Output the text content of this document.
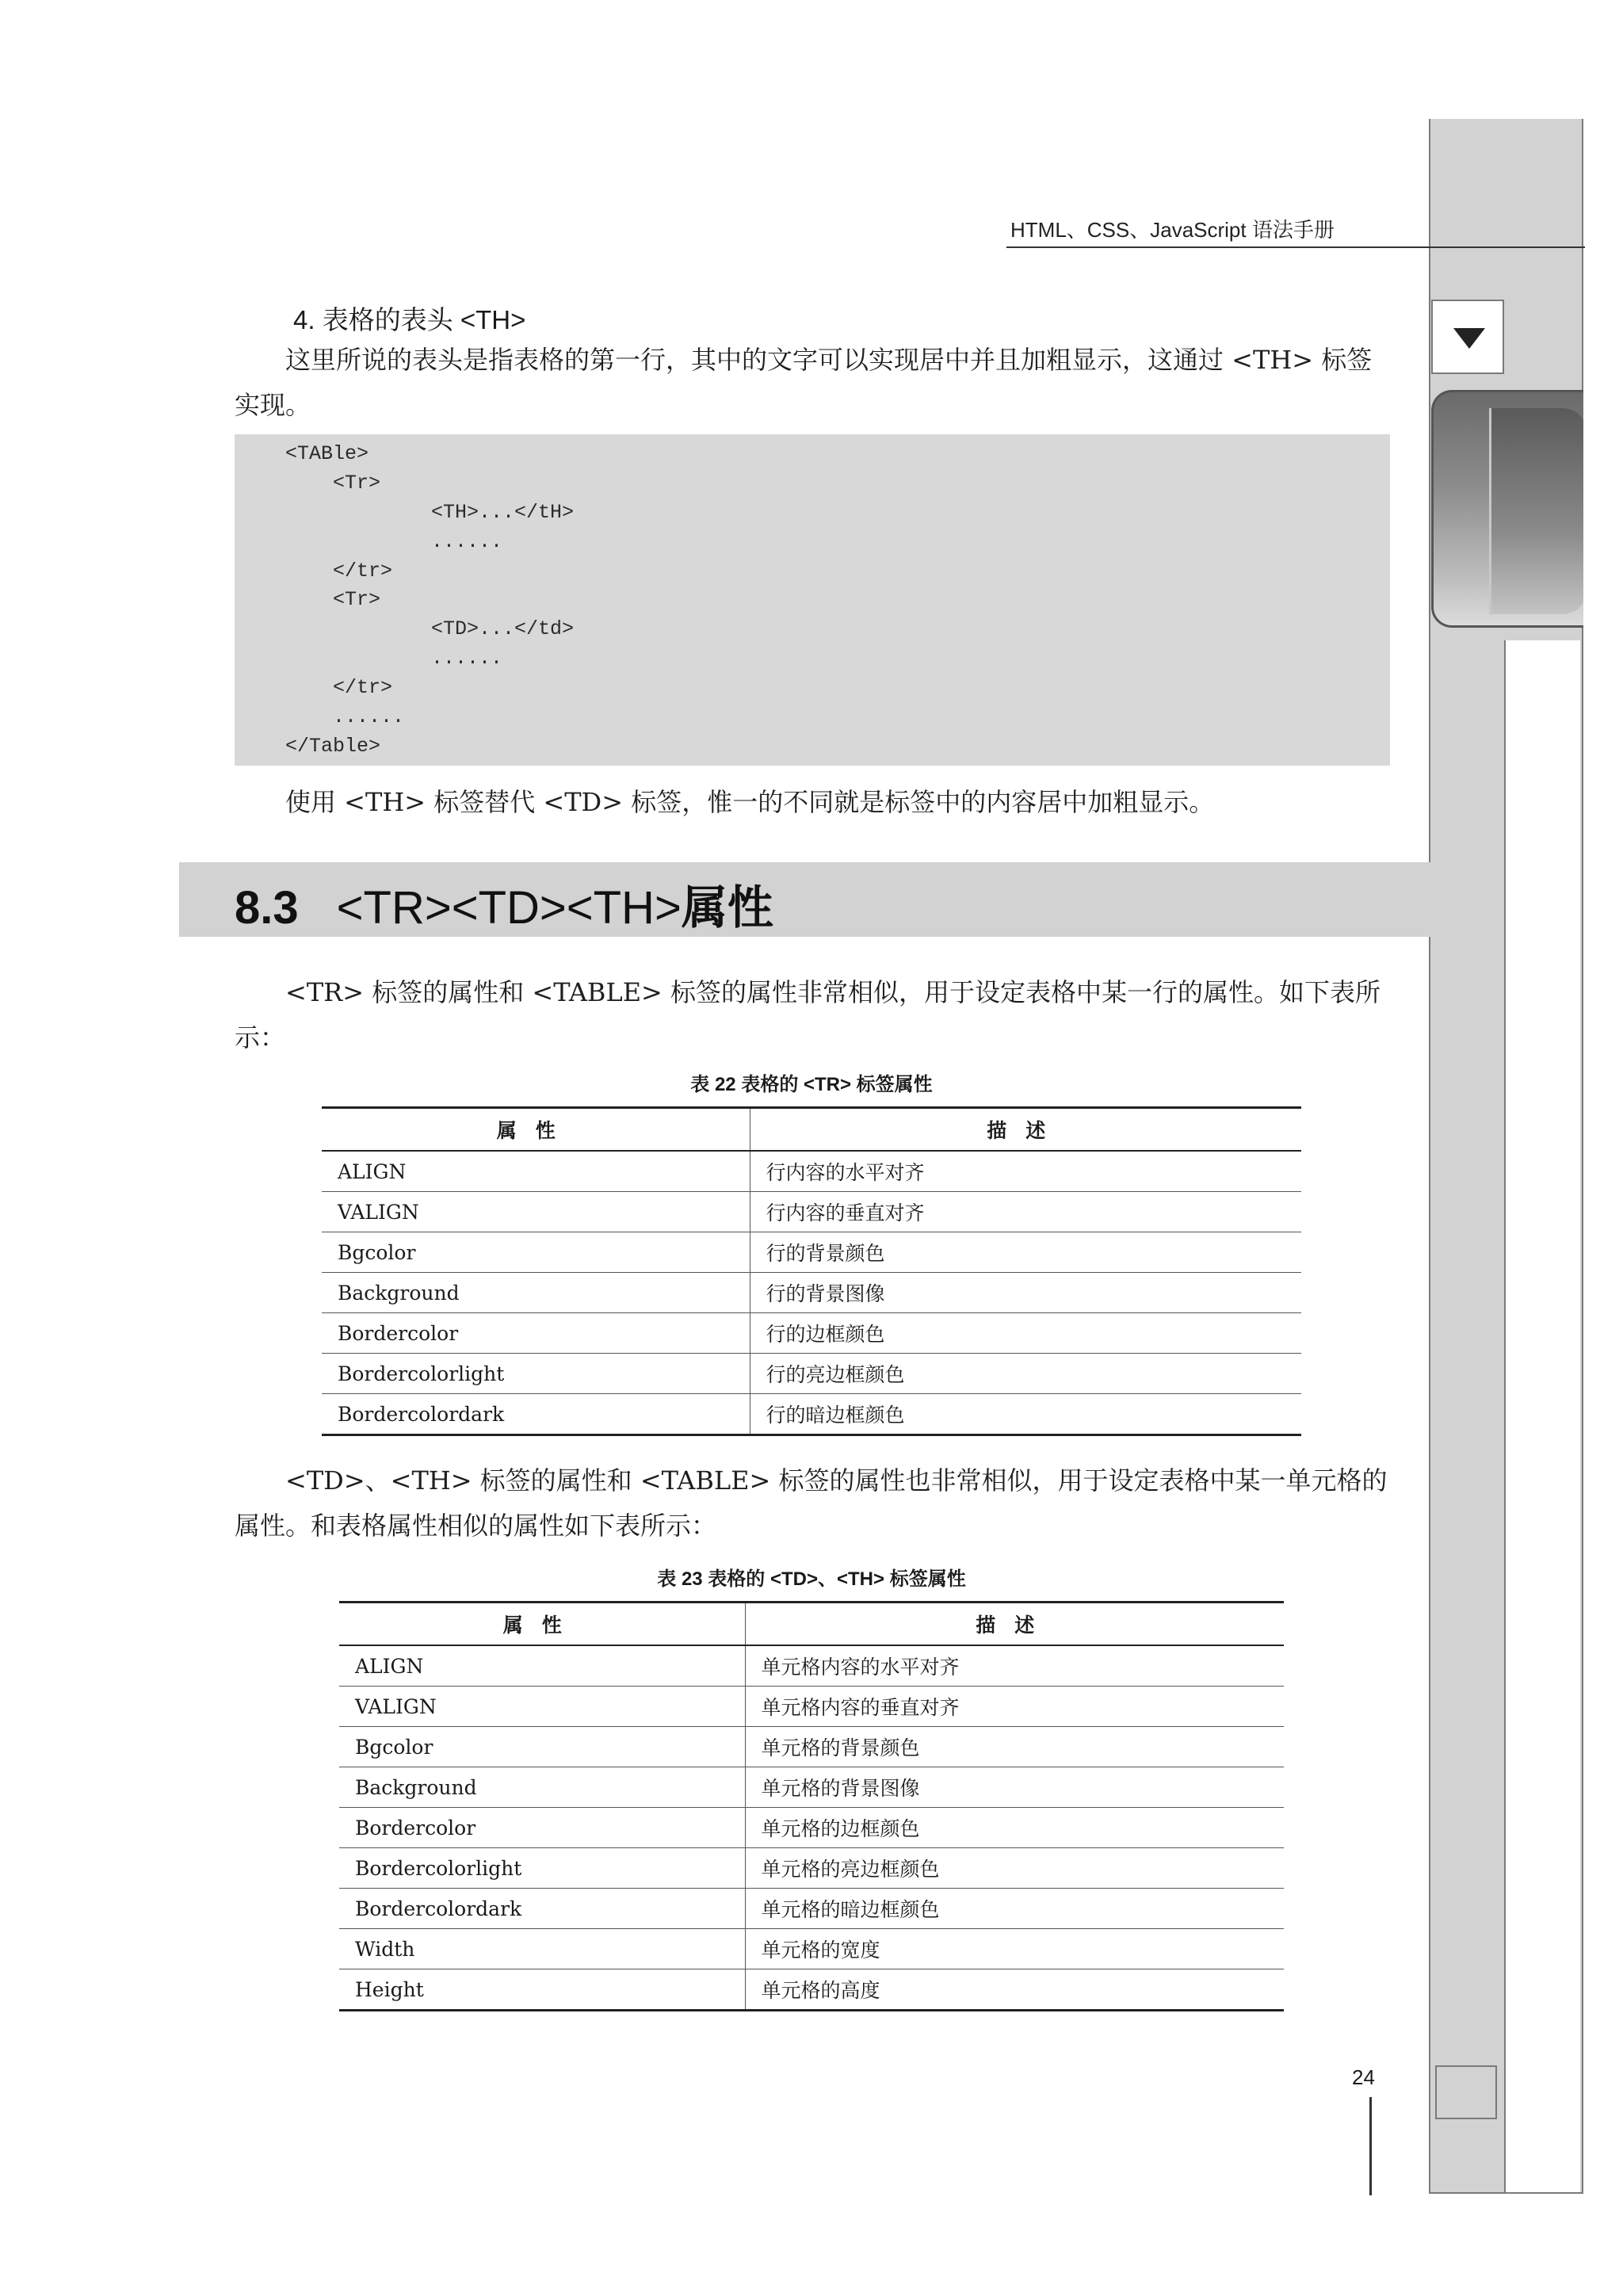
HTML、CSS、JavaScript 语法手册
4. 表格的表头 <TH>
这里所说的表头是指表格的第一行，其中的文字可以实现居中并且加粗显示，这通过 <TH> 标签实现。
<TABle>
<Tr>
<TH>...</tH>
......
</tr>
<Tr>
<TD>...</td>
......
</tr>
......
</Table>
使用 <TH> 标签替代 <TD> 标签，惟一的不同就是标签中的内容居中加粗显示。
8.3 <TR><TD><TH>属性
<TR> 标签的属性和 <TABLE> 标签的属性非常相似，用于设定表格中某一行的属性。如下表所示：
表 22 表格的 <TR> 标签属性
属性	描述
ALIGN	行内容的水平对齐
VALIGN	行内容的垂直对齐
Bgcolor	行的背景颜色
Background	行的背景图像
Bordercolor	行的边框颜色
Bordercolorlight	行的亮边框颜色
Bordercolordark	行的暗边框颜色
<TD>、<TH> 标签的属性和 <TABLE> 标签的属性也非常相似，用于设定表格中某一单元格的属性。和表格属性相似的属性如下表所示：
表 23 表格的 <TD>、<TH> 标签属性
属性	描述
ALIGN	单元格内容的水平对齐
VALIGN	单元格内容的垂直对齐
Bgcolor	单元格的背景颜色
Background	单元格的背景图像
Bordercolor	单元格的边框颜色
Bordercolorlight	单元格的亮边框颜色
Bordercolordark	单元格的暗边框颜色
Width	单元格的宽度
Height	单元格的高度
24
